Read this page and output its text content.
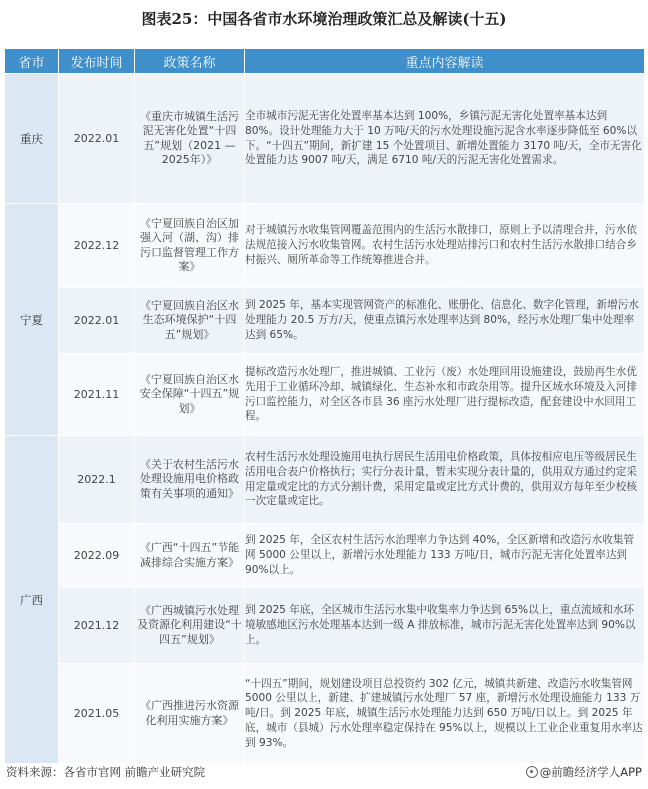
图表25：中国各省市水环境治理政策汇总及解读(十五)
省市	发布时间	政策名称	重点内容解读
重庆	2022.01	《重庆市城镇生活污泥无害化处置“十四五”规划（2021 — 2025年）》	全市城市污泥无害化处置率基本达到 100%，乡镇污泥无害化处置率基本达到 80%。设计处理能力大于 10 万吨/天的污水处理设施污泥含水率逐步降低至 60%以下。“十四五”期间，新扩建 15 个处置项目、新增处置能力 3170 吨/天，全市无害化处置能力达 9007 吨/天，满足 6710 吨/天的污泥无害化处置需求。
宁夏	2022.12	《宁夏回族自治区加强入河（湖、沟）排污口监督管理工作方案》	对于城镇污水收集管网覆盖范围内的生活污水散排口，原则上予以清理合并，污水依法规范接入污水收集管网。农村生活污水处理站排污口和农村生活污水散排口结合乡村振兴、厕所革命等工作统筹推进合并。
	2022.01	《宁夏回族自治区水生态环境保护“十四五”规划》	到 2025 年，基本实现管网资产的标准化、账册化、信息化、数字化管理，新增污水处理能力 20.5 万方/天，使重点镇污水处理率达到 80%，经污水处理厂集中处理率达到 65%。
	2021.11	《宁夏回族自治区水安全保障“十四五”规划》	提标改造污水处理厂，推进城镇、工业污（废）水处理回用设施建设，鼓励再生水优先用于工业循环冷却、城镇绿化、生态补水和市政杂用等。提升区域水环境及入河排污口监控能力，对全区各市县 36 座污水处理厂进行提标改造，配套建设中水回用工程。
广西	2022.1	《关于农村生活污水处理设施用电价格政策有关事项的通知》	农村生活污水处理设施用电执行居民生活用电价格政策，具体按相应电压等级居民生活用电合表户价格执行；实行分表计量，暂未实现分表计量的，供用双方通过约定采用定量或定比的方式分割计费，采用定量或定比方式计费的，供用双方每年至少校核一次定量或定比。
	2022.09	《广西“十四五”节能减排综合实施方案》	到 2025 年，全区农村生活污水治理率力争达到 40%，全区新增和改造污水收集管网 5000 公里以上，新增污水处理能力 133 万吨/日，城市污泥无害化处置率达到 90%以上。
	2021.12	《广西城镇污水处理及资源化利用建设“十四五”规划》	到 2025 年底，全区城市生活污水集中收集率力争达到 65%以上，重点流域和水环境敏感地区污水处理基本达到一级 A 排放标准，城市污泥无害化处置率达到 90%以上。
	2021.05	《广西推进污水资源化利用实施方案》	“十四五”期间，规划建设项目总投资约 302 亿元，城镇共新建、改造污水收集管网 5000 公里以上，新建、扩建城镇污水处理厂 57 座，新增污水处理设施能力 133 万吨/日。到 2025 年底，城镇生活污水处理能力达到 650 万吨/日以上。到 2025 年底，城市（县城）污水处理率稳定保持在 95%以上，规模以上工业企业重复用水率达到 93%。
资料来源：各省市官网 前瞻产业研究院	@前瞻经济学人APP
